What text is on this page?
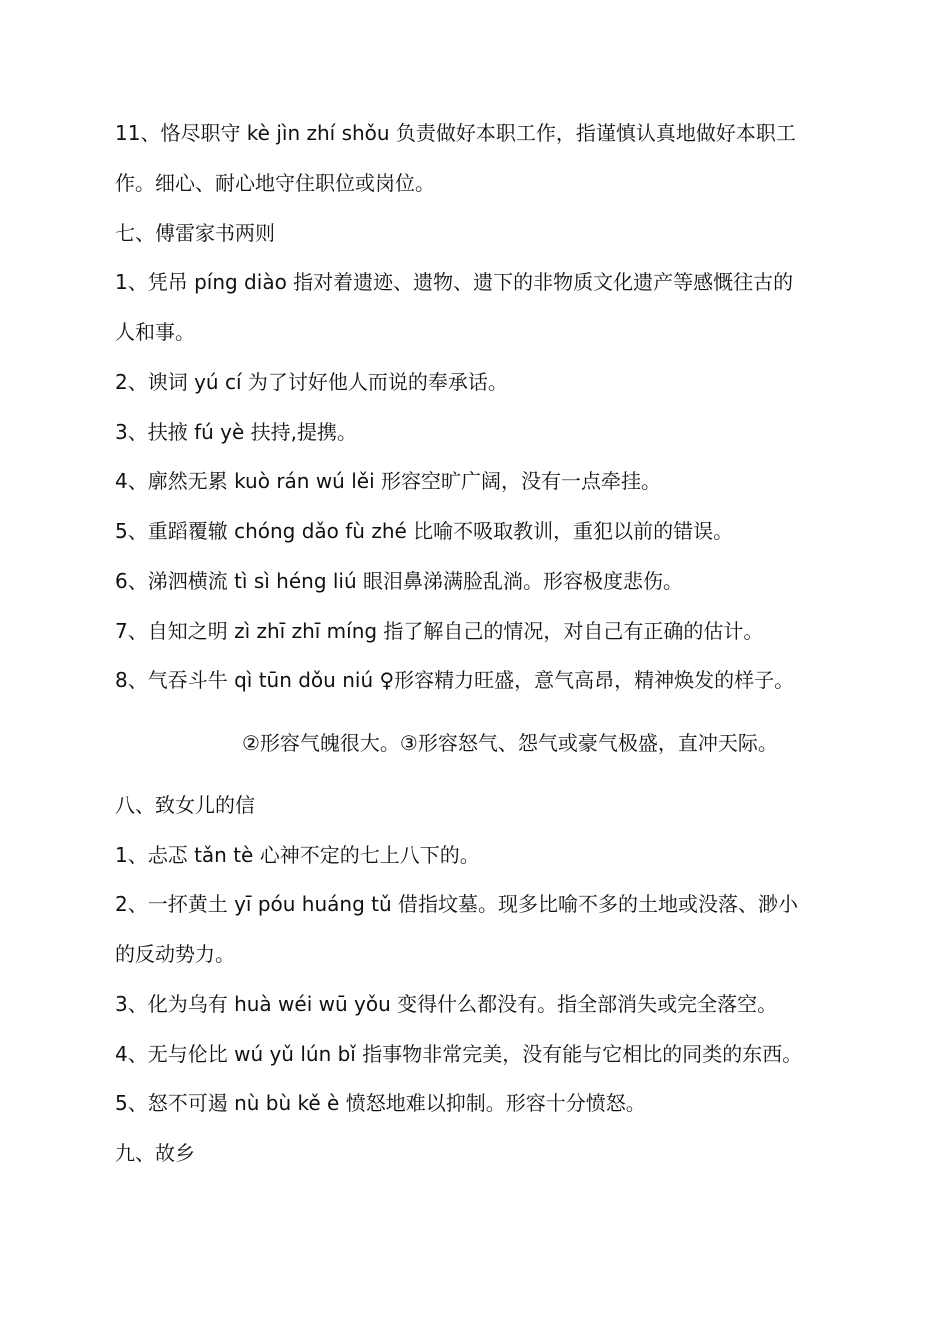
11、恪尽职守 kè jìn zhí shǒu 负责做好本职工作，指谨慎认真地做好本职工
作。细心、耐心地守住职位或岗位。
七、傅雷家书两则
1、凭吊 píng diào 指对着遗迹、遗物、遗下的非物质文化遗产等感慨往古的
人和事。
2、谀词 yú cí 为了讨好他人而说的奉承话。
3、扶掖 fú yè 扶持,提携。
4、廓然无累 kuò rán wú lěi 形容空旷广阔，没有一点牵挂。
5、重蹈覆辙 chóng dǎo fù zhé 比喻不吸取教训，重犯以前的错误。
6、涕泗横流 tì sì héng liú 眼泪鼻涕满脸乱淌。形容极度悲伤。
7、自知之明 zì zhī zhī míng 指了解自己的情况，对自己有正确的估计。
8、气吞斗牛 qì tūn dǒu niú ♀形容精力旺盛，意气高昂，精神焕发的样子。
②形容气魄很大。③形容怒气、怨气或豪气极盛，直冲天际。
八、致女儿的信
1、忐忑 tǎn tè 心神不定的七上八下的。
2、一抔黄土 yī póu huáng tǔ 借指坟墓。现多比喻不多的土地或没落、渺小
的反动势力。
3、化为乌有 huà wéi wū yǒu 变得什么都没有。指全部消失或完全落空。
4、无与伦比 wú yǔ lún bǐ 指事物非常完美，没有能与它相比的同类的东西。
5、怒不可遏 nù bù kě è 愤怒地难以抑制。形容十分愤怒。
九、故乡
